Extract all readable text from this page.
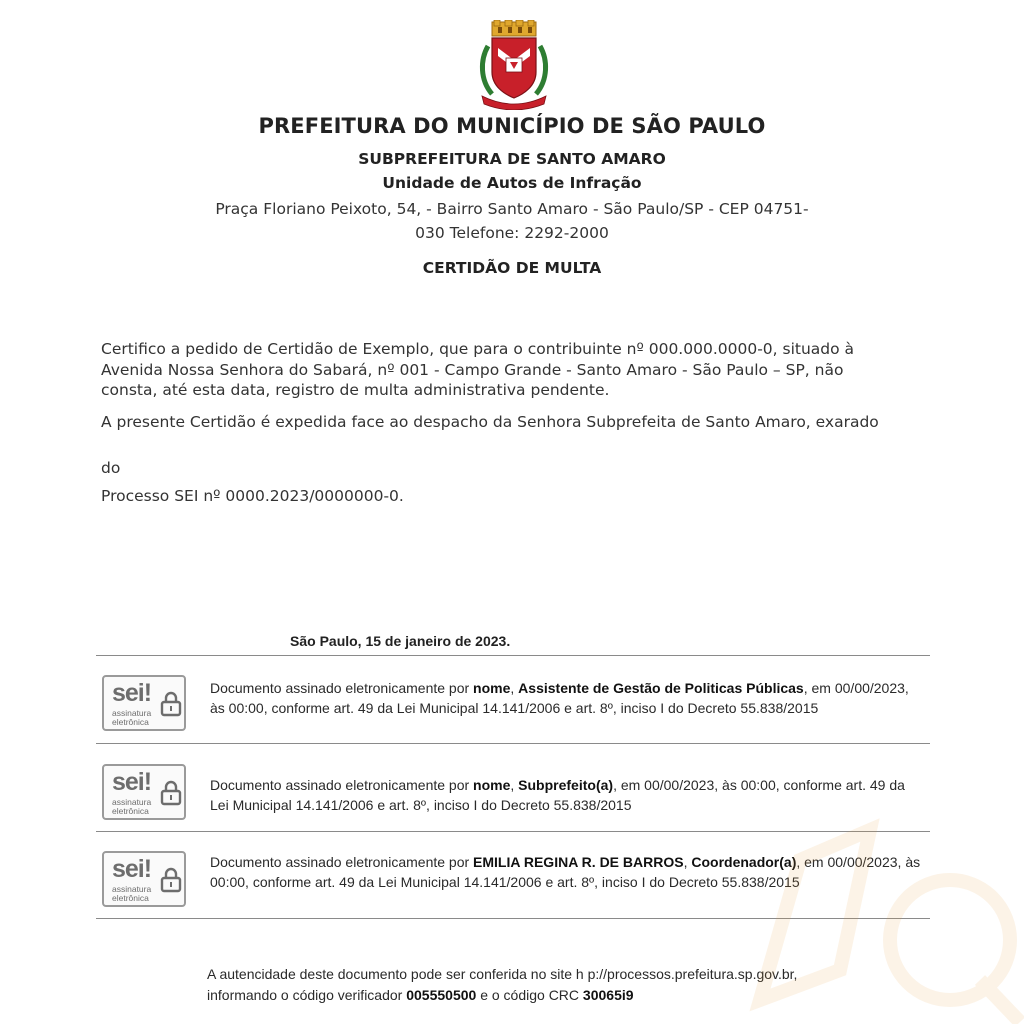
PREFEITURA DO MUNICÍPIO DE SÃO PAULO
SUBPREFEITURA DE SANTO AMARO
Unidade de Autos de Infração
Praça Floriano Peixoto, 54, - Bairro Santo Amaro - São Paulo/SP - CEP 04751-
030 Telefone: 2292-2000
CERTIDÃO DE MULTA
Certifico a pedido de Certidão de Exemplo, que para o contribuinte nº 000.000.0000-0, situado à Avenida Nossa Senhora do Sabará, nº 001 - Campo Grande - Santo Amaro - São Paulo – SP, não consta, até esta data, registro de multa administrativa pendente.
A presente Certidão é expedida face ao despacho da Senhora Subprefeita de Santo Amaro, exarado
do
Processo SEI nº 0000.2023/0000000-0.
São Paulo, 15 de janeiro de 2023.
sei!
assinatura
eletrônica
Documento assinado eletronicamente por nome, Assistente de Gestão de Politicas Públicas, em 00/00/2023, às 00:00, conforme art. 49 da Lei Municipal 14.141/2006 e art. 8º, inciso I do Decreto 55.838/2015
sei!
assinatura
eletrônica
Documento assinado eletronicamente por nome, Subprefeito(a), em 00/00/2023, às 00:00, conforme art. 49 da Lei Municipal 14.141/2006 e art. 8º, inciso I do Decreto 55.838/2015
sei!
assinatura
eletrônica
Documento assinado eletronicamente por EMILIA REGINA R. DE BARROS, Coordenador(a), em 00/00/2023, às 00:00, conforme art. 49 da Lei Municipal 14.141/2006 e art. 8º, inciso I do Decreto 55.838/2015
A autencidade deste documento pode ser conferida no site h p://processos.prefeitura.sp.gov.br,
informando o código verificador 005550500 e o código CRC 30065i9
